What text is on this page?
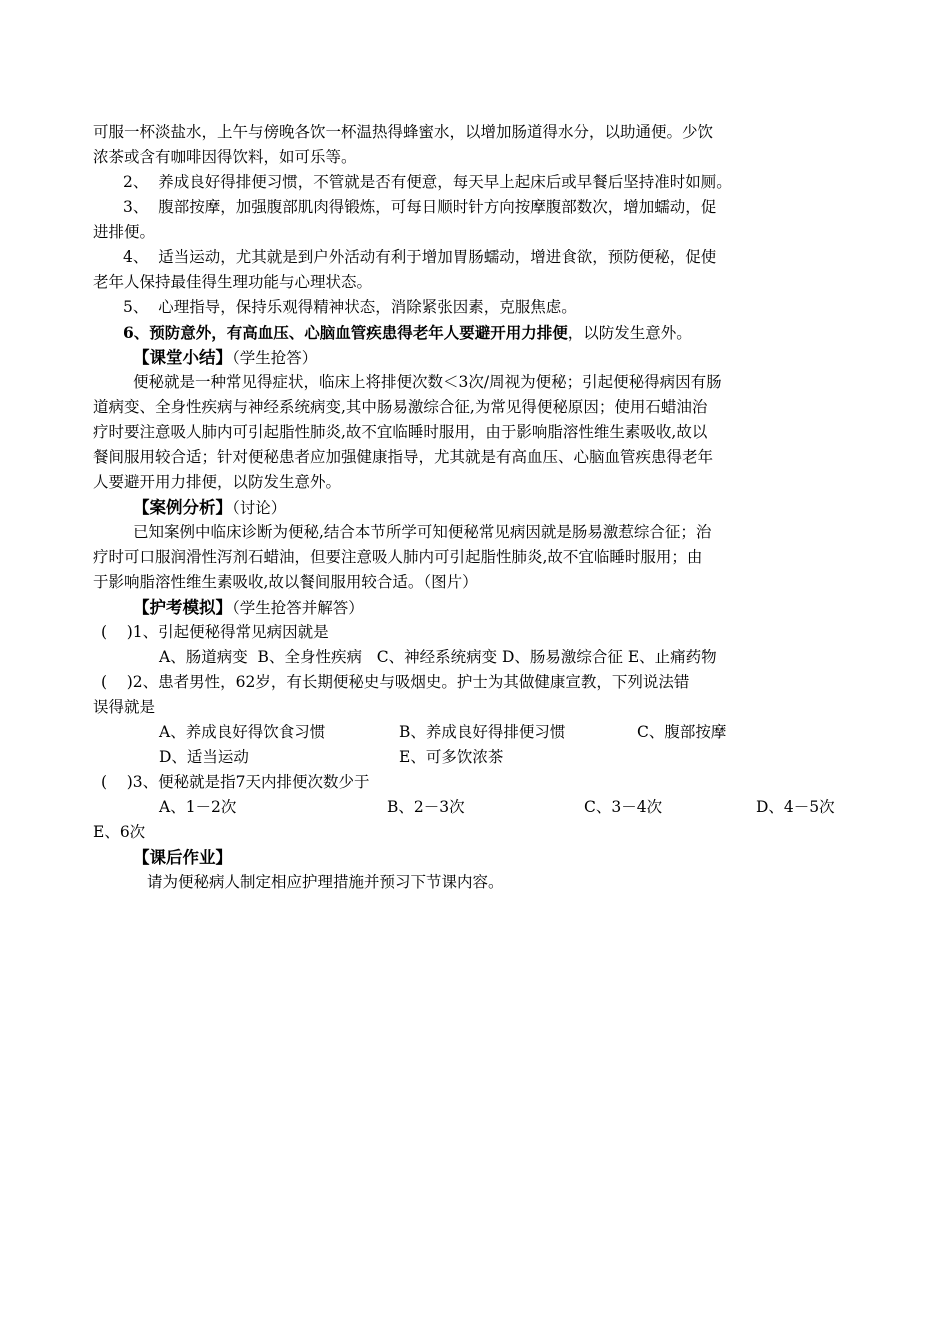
可服一杯淡盐水，上午与傍晚各饮一杯温热得蜂蜜水，以增加肠道得水分，以助通便。少饮
浓茶或含有咖啡因得饮料，如可乐等。
2、  养成良好得排便习惯，不管就是否有便意，每天早上起床后或早餐后坚持准时如厕。
3、  腹部按摩，加强腹部肌肉得锻炼，可每日顺时针方向按摩腹部数次，增加蠕动，促
进排便。
4、  适当运动，尤其就是到户外活动有利于增加胃肠蠕动，增进食欲，预防便秘，促使
老年人保持最佳得生理功能与心理状态。
5、  心理指导，保持乐观得精神状态，消除紧张因素，克服焦虑。
6、预防意外，有高血压、心脑血管疾患得老年人要避开用力排便，以防发生意外。
【课堂小结】（学生抢答）
便秘就是一种常见得症状，临床上将排便次数＜3次/周视为便秘；引起便秘得病因有肠
道病变、全身性疾病与神经系统病变,其中肠易激综合征,为常见得便秘原因；使用石蜡油治
疗时要注意吸人肺内可引起脂性肺炎,故不宜临睡时服用，由于影响脂溶性维生素吸收,故以
餐间服用较合适；针对便秘患者应加强健康指导，尤其就是有高血压、心脑血管疾患得老年
人要避开用力排便，以防发生意外。
【案例分析】（讨论）
已知案例中临床诊断为便秘,结合本节所学可知便秘常见病因就是肠易激惹综合征；治
疗时可口服润滑性泻剂石蜡油，但要注意吸人肺内可引起脂性肺炎,故不宜临睡时服用；由
于影响脂溶性维生素吸收,故以餐间服用较合适。（图片）
【护考模拟】（学生抢答并解答）
(    )1、引起便秘得常见病因就是
A、肠道病变  B、全身性疾病   C、神经系统病变 D、肠易激综合征 E、止痛药物
(    )2、患者男性，62岁，有长期便秘史与吸烟史。护士为其做健康宣教，下列说法错
误得就是
A、养成良好得饮食习惯	B、养成良好得排便习惯	C、腹部按摩
D、适当运动	E、可多饮浓茶
(    )3、便秘就是指7天内排便次数少于
A、1－2次	B、2－3次	C、3－4次	D、4－5次
E、6次
【课后作业】
请为便秘病人制定相应护理措施并预习下节课内容。
